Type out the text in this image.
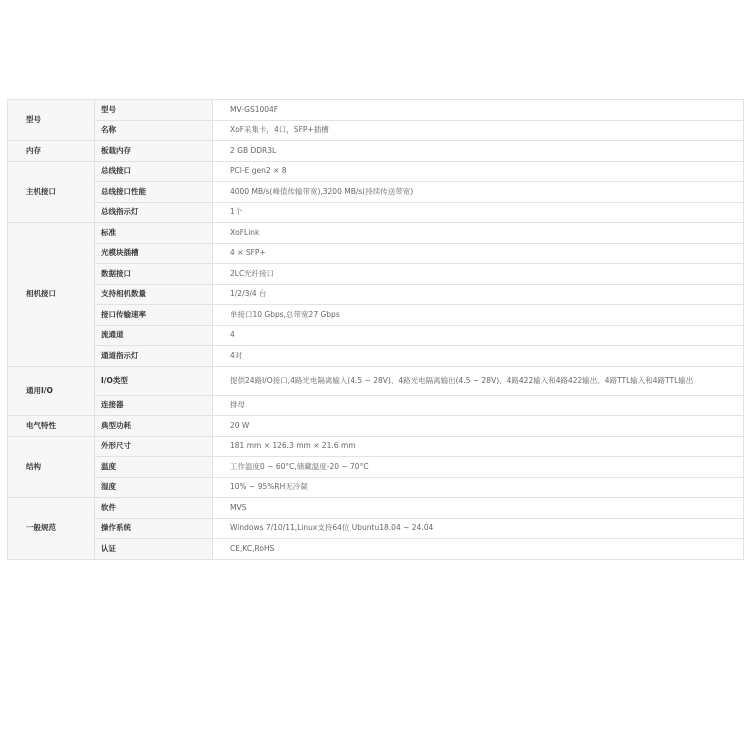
型号	型号	MV-GS1004F
	名称	XoF采集卡，4口，SFP+插槽
内存	板载内存	2 GB DDR3L
主机接口	总线接口	PCI-E gen2 × 8
	总线接口性能	4000 MB/s(峰值传输带宽),3200 MB/s(持续传送带宽)
	总线指示灯	1个
相机接口	标准	XoFLink
	光模块插槽	4 × SFP+
	数据接口	2LC光纤接口
	支持相机数量	1/2/3/4 台
	接口传输速率	单接口10 Gbps,总带宽27 Gbps
	流通道	4
	通道指示灯	4对
通用I/O	I/O类型	提供24路I/O接口,4路光电隔离输入(4.5 ~ 28V)、4路光电隔离输出(4.5 ~ 28V)、4路422输入和4路422输出、4路TTL输入和4路TTL输出
	连接器	排母
电气特性	典型功耗	20 W
结构	外形尺寸	181 mm × 126.3 mm × 21.6 mm
	温度	工作温度0 ~ 60°C,储藏温度-20 ~ 70°C
	湿度	10% ~ 95%RH无冷凝
一般规范	软件	MVS
	操作系统	Windows 7/10/11,Linux支持64位 Ubuntu18.04 ~ 24.04
	认证	CE,KC,RoHS
